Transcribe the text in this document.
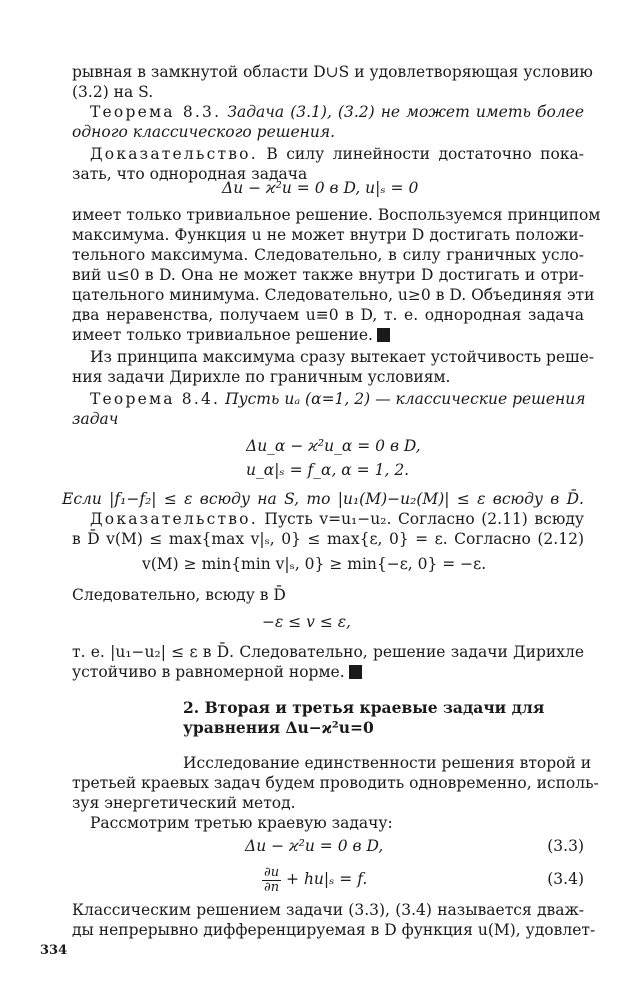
рывная в замкнутой области D∪S и удовлетворяющая условию
(3.2) на S.
Теорема 8.3. Задача (3.1), (3.2) не может иметь более
одного классического решения.
Доказательство. В силу линейности достаточно пока-
зать, что однородная задача
Δu − ϰ²u = 0 в D, u|ₛ = 0
имеет только тривиальное решение. Воспользуемся принципом
максимума. Функция u не может внутри D достигать положи-
тельного максимума. Следовательно, в силу граничных усло-
вий u≤0 в D. Она не может также внутри D достигать и отри-
цательного минимума. Следовательно, u≥0 в D. Объединяя эти
два неравенства, получаем u≡0 в D, т. е. однородная задача
имеет только тривиальное решение.
Из принципа максимума сразу вытекает устойчивость реше-
ния задачи Дирихле по граничным условиям.
Теорема 8.4. Пусть uₐ (α=1, 2) — классические решения
задач
Δu_α − ϰ²u_α = 0 в D,
u_α|ₛ = f_α, α = 1, 2.
Если |f₁−f₂| ≤ ε всюду на S, то |u₁(M)−u₂(M)| ≤ ε всюду в D̄.
Доказательство. Пусть v=u₁−u₂. Согласно (2.11) всюду
в D̄ v(M) ≤ max{max v|ₛ, 0} ≤ max{ε, 0} = ε. Согласно (2.12)
v(M) ≥ min{min v|ₛ, 0} ≥ min{−ε, 0} = −ε.
Следовательно, всюду в D̄
−ε ≤ v ≤ ε,
т. е. |u₁−u₂| ≤ ε в D̄. Следовательно, решение задачи Дирихле
устойчиво в равномерной норме.
2. Вторая и третья краевые задачи для
уравнения Δu−ϰ²u=0
Исследование единственности решения второй и
третьей краевых задач будем проводить одновременно, исполь-
зуя энергетический метод.
Рассмотрим третью краевую задачу:
Δu − ϰ²u = 0 в D,	(3.3)
$\frac{\partial u}{\partial n} + hu|_s = f$.	(3.4)
Классическим решением задачи (3.3), (3.4) называется дваж-
ды непрерывно дифференцируемая в D функция u(M), удовлет-
334
